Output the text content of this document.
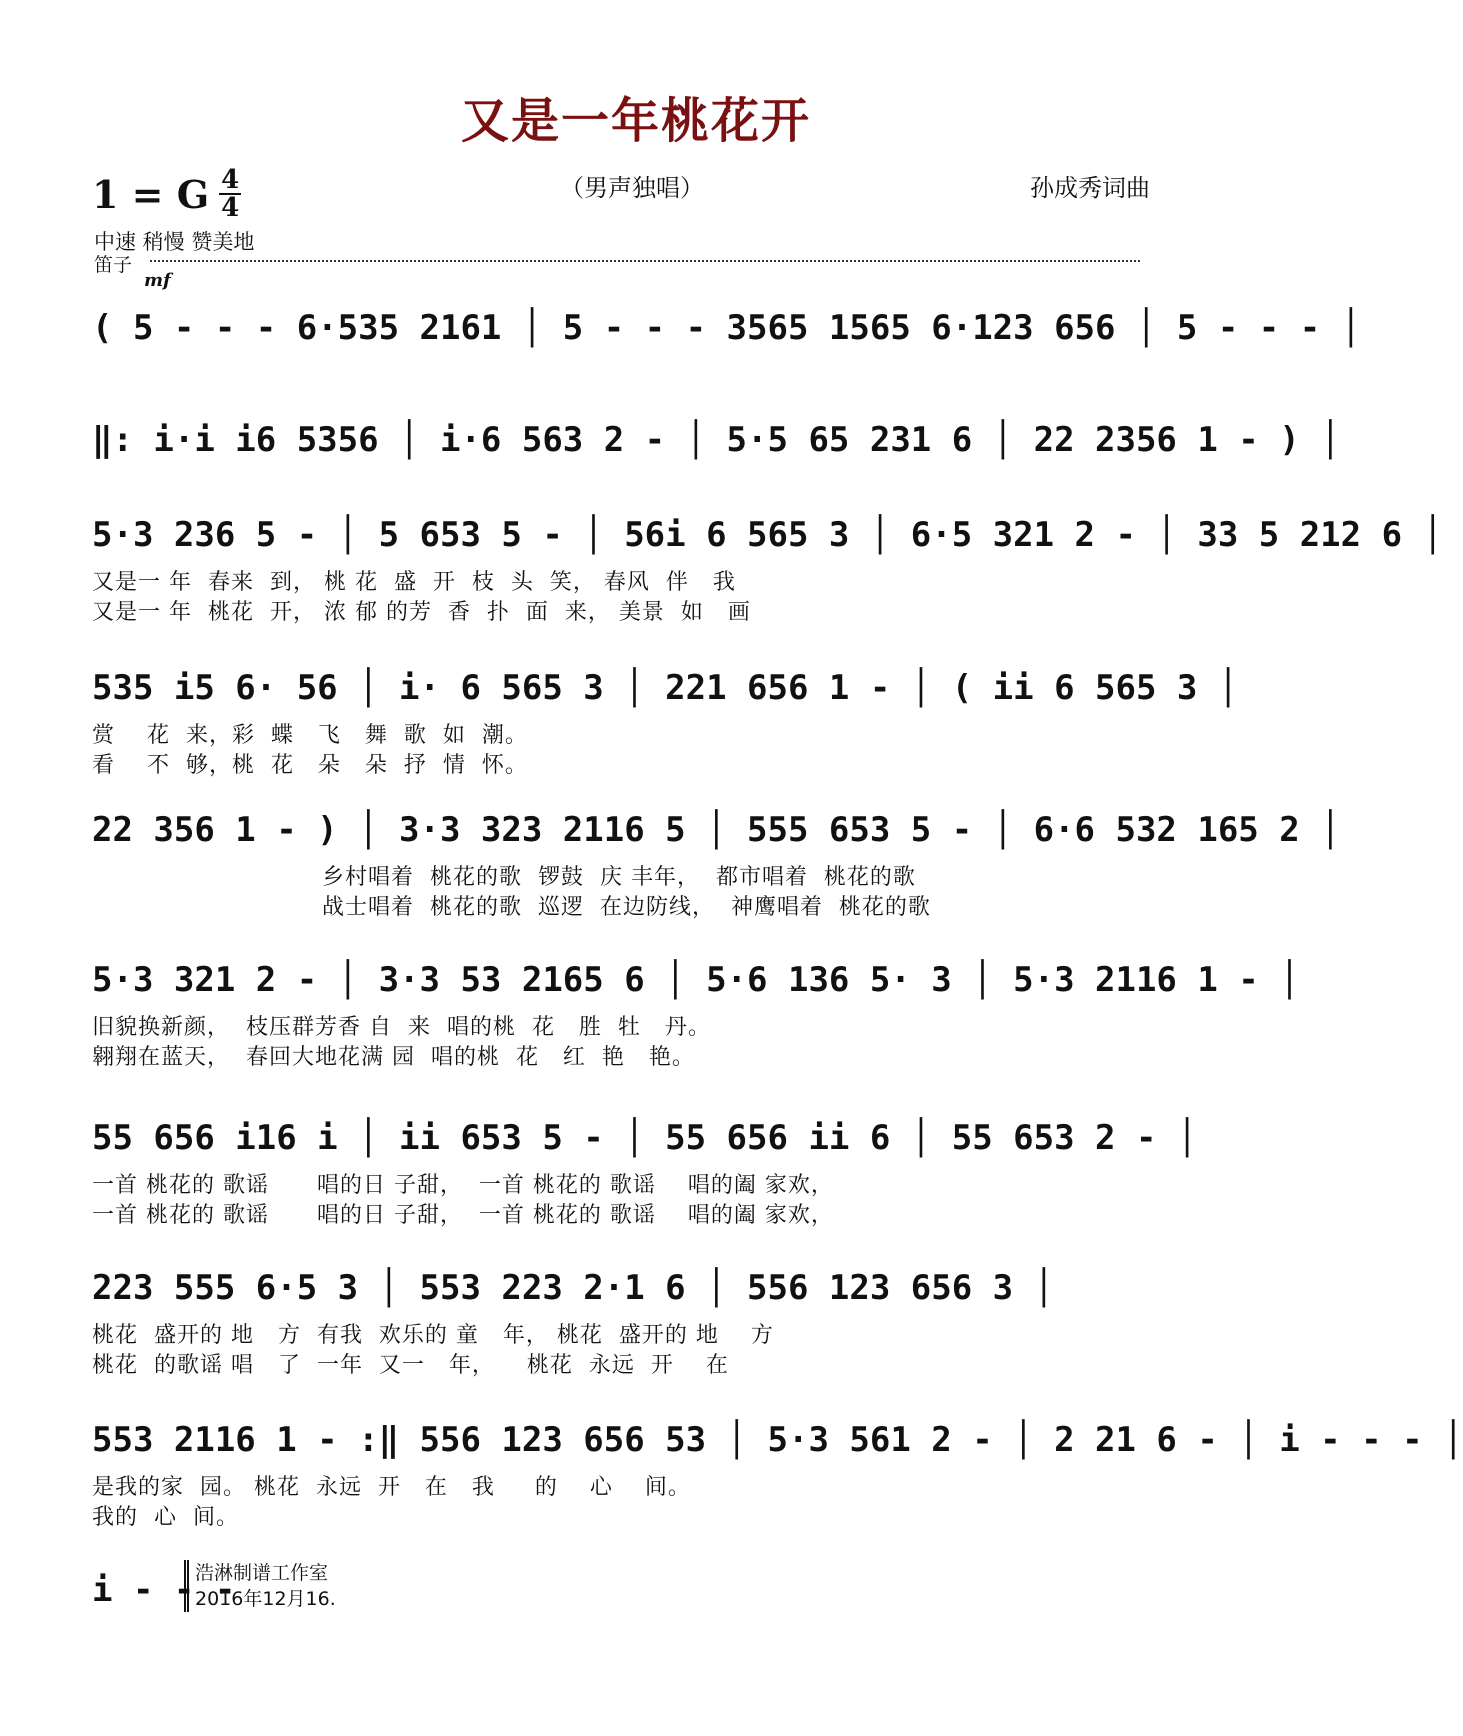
又是一年桃花开
1 = G 4
4
（男声独唱）	孙成秀词曲
中速 稍慢 赞美地
笛子
mf
( 5 - - - 6·535 2161 │ 5 - - - 3565 1565 6·123 656 │ 5 - - - │
‖: i·i i6 5356 │ i·6 563 2 - │ 5·5 65 231 6 │ 22 2356 1 - ) │
5·3 236 5 - │ 5 653 5 - │ 56i 6 565 3 │ 6·5 321 2 - │ 33 5 212 6 │
又是一 年  春来  到， 桃 花  盛  开  枝  头  笑， 春风  伴   我
又是一 年  桃花  开， 浓 郁 的芳  香  扑  面  来， 美景  如   画
535 i5 6· 56 │ i· 6 565 3 │ 221 656 1 - │ ( ii 6 565 3 │
赏    花  来，彩  蝶   飞   舞  歌  如  潮。
看    不  够，桃  花   朵   朵  抒  情  怀。
22 356 1 - ) │ 3·3 323 2116 5 │ 555 653 5 - │ 6·6 532 165 2 │
乡村唱着  桃花的歌  锣鼓  庆 丰年，  都市唱着  桃花的歌
战士唱着  桃花的歌  巡逻  在边防线，  神鹰唱着  桃花的歌
5·3 321 2 - │ 3·3 53 2165 6 │ 5·6 136 5· 3 │ 5·3 2116 1 - │
旧貌换新颜，  枝压群芳香 自  来  唱的桃  花   胜  牡   丹。
翱翔在蓝天，  春回大地花满 园  唱的桃  花   红  艳   艳。
55 656 i16 i │ ii 653 5 - │ 55 656 ii 6 │ 55 653 2 - │
一首 桃花的 歌谣      唱的日 子甜，  一首 桃花的 歌谣    唱的阖 家欢，
一首 桃花的 歌谣      唱的日 子甜，  一首 桃花的 歌谣    唱的阖 家欢，
223 555 6·5 3 │ 553 223 2·1 6 │ 556 123 656 3 │
桃花  盛开的 地   方  有我  欢乐的 童   年， 桃花  盛开的 地    方
桃花  的歌谣 唱   了  一年  又一   年，    桃花  永远  开    在
553 2116 1 - :‖ 556 123 656 53 │ 5·3 561 2 - │ 2 21 6 - │ i - - - │
是我的家  园。 桃花  永远  开   在   我     的    心    间。
我的  心  间。
i - - -
浩淋制谱工作室
2016年12月16.
